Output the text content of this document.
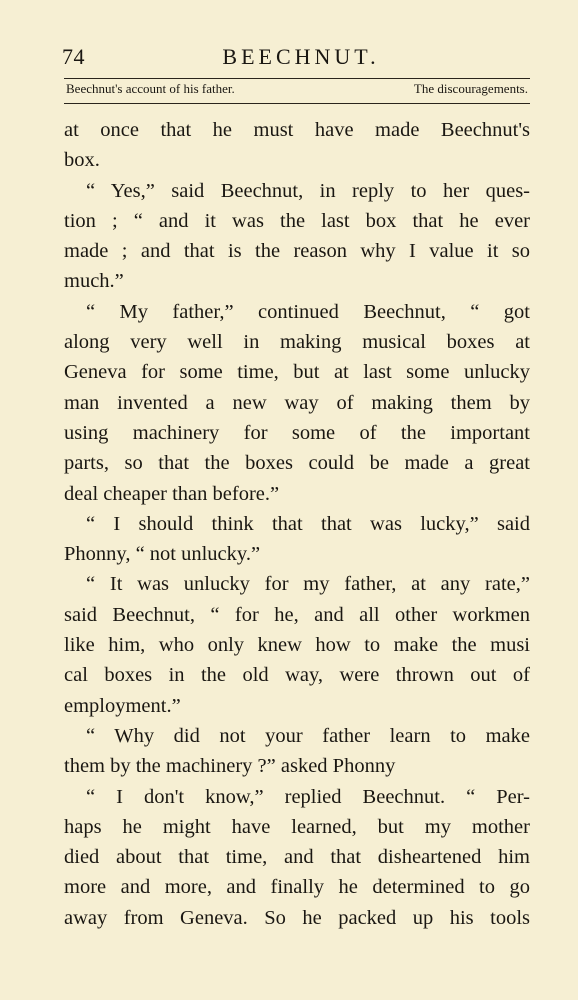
74	BEECHNUT.
Beechnut's account of his father.	The discouragements.
at once that he must have made Beechnut's
box.
“ Yes,” said Beechnut, in reply to her ques-
tion ; “ and it was the last box that he ever
made ; and that is the reason why I value it so
much.”
“ My father,” continued Beechnut, “ got
along very well in making musical boxes at
Geneva for some time, but at last some unlucky
man invented a new way of making them by
using machinery for some of the important
parts, so that the boxes could be made a great
deal cheaper than before.”
“ I should think that that was lucky,” said
Phonny, “ not unlucky.”
“ It was unlucky for my father, at any rate,”
said Beechnut, “ for he, and all other workmen
like him, who only knew how to make the musi
cal boxes in the old way, were thrown out of
employment.”
“ Why did not your father learn to make
them by the machinery ?” asked Phonny
“ I don't know,” replied Beechnut. “ Per-
haps he might have learned, but my mother
died about that time, and that disheartened him
more and more, and finally he determined to go
away from Geneva. So he packed up his tools
